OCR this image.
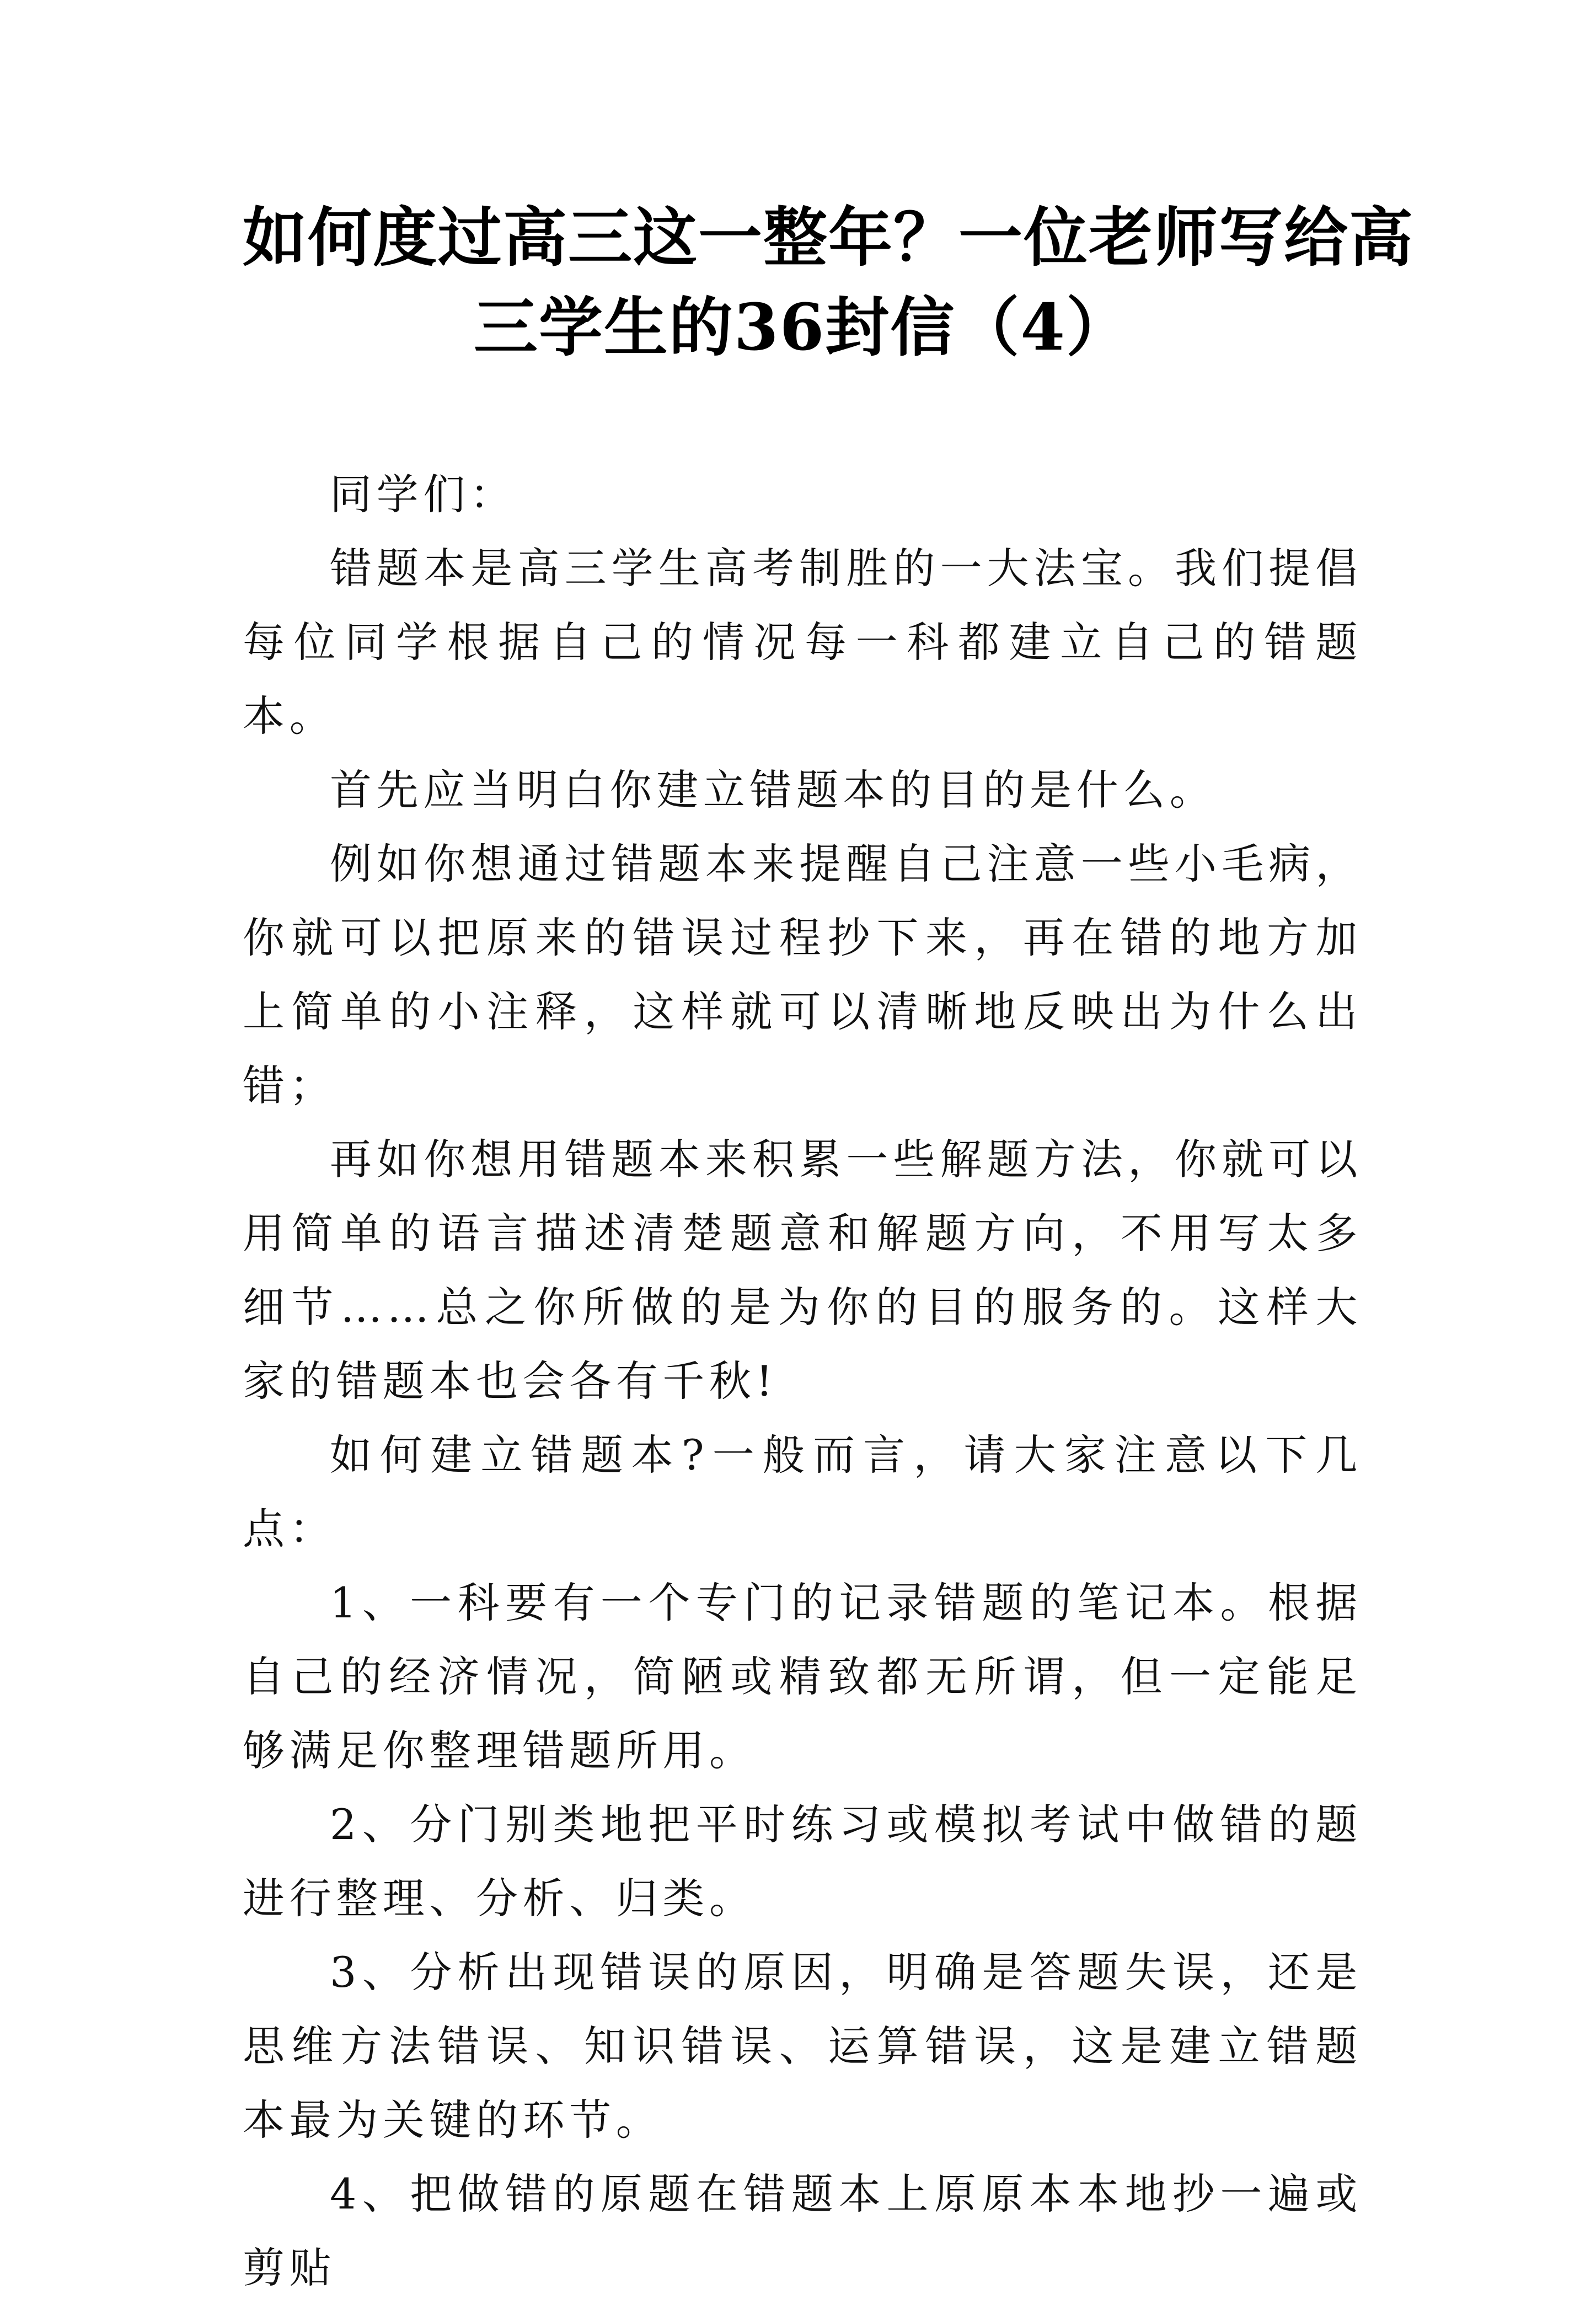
如何度过高三这一整年？一位老师写给高
三学生的36封信（4）

同学们：

错题本是高三学生高考制胜的一大法宝。我们提倡每位同学根据自己的情况每一科都建立自己的错题本。

首先应当明白你建立错题本的目的是什么。

例如你想通过错题本来提醒自己注意一些小毛病，你就可以把原来的错误过程抄下来，再在错的地方加上简单的小注释，这样就可以清晰地反映出为什么出错；

再如你想用错题本来积累一些解题方法，你就可以用简单的语言描述清楚题意和解题方向，不用写太多细节……总之你所做的是为你的目的服务的。这样大家的错题本也会各有千秋!

如何建立错题本?一般而言，请大家注意以下几点：

1、一科要有一个专门的记录错题的笔记本。根据自己的经济情况，简陋或精致都无所谓，但一定能足够满足你整理错题所用。

2、分门别类地把平时练习或模拟考试中做错的题进行整理、分析、归类。

3、分析出现错误的原因，明确是答题失误，还是思维方法错误、知识错误、运算错误，这是建立错题本最为关键的环节。

4、把做错的原题在错题本上原原本本地抄一遍或剪贴
